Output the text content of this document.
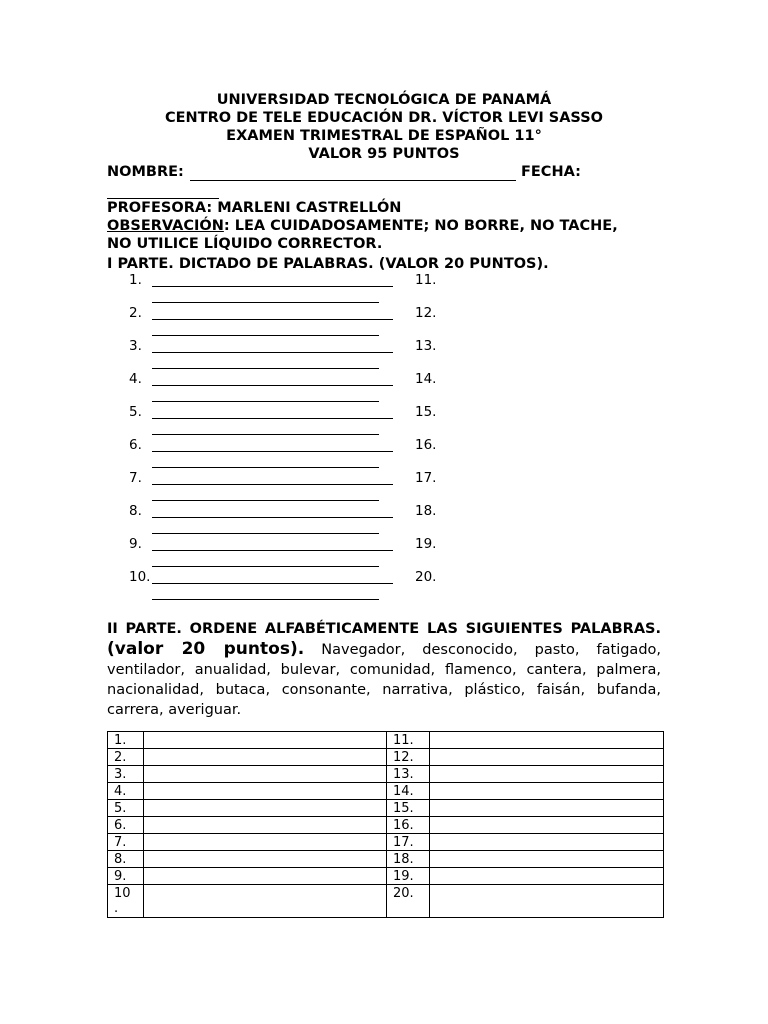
UNIVERSIDAD TECNOLÓGICA DE PANAMÁ
CENTRO DE TELE EDUCACIÓN DR. VÍCTOR LEVI SASSO
EXAMEN TRIMESTRAL DE ESPAÑOL 11°
VALOR 95 PUNTOS
NOMBRE:	FECHA:
PROFESORA: MARLENI CASTRELLÓN
OBSERVACIÓN: LEA CUIDADOSAMENTE; NO BORRE, NO TACHE,
NO UTILICE LÍQUIDO CORRECTOR.
I PARTE. DICTADO DE PALABRAS. (VALOR 20 PUNTOS).
1.	11.
2.	12.
3.	13.
4.	14.
5.	15.
6.	16.
7.	17.
8.	18.
9.	19.
10.	20.
II PARTE. ORDENE ALFABÉTICAMENTE LAS SIGUIENTES PALABRAS. (valor 20 puntos). Navegador, desconocido, pasto, fatigado, ventilador, anualidad, bulevar, comunidad, flamenco, cantera, palmera, nacionalidad, butaca, consonante, narrativa, plástico, faisán, bufanda, carrera, averiguar.
1.		11.	
2.		12.	
3.		13.	
4.		14.	
5.		15.	
6.		16.	
7.		17.	
8.		18.	
9.		19.	
10
.		20.	
